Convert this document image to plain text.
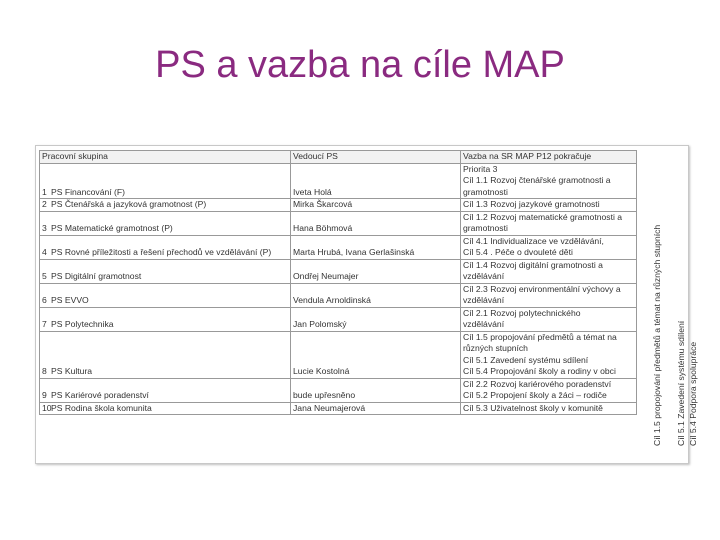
PS a vazba na cíle MAP
Pracovní skupina	Vedoucí PS	Vazba na SR MAP P12 pokračuje
1 PS Financování (F)	Iveta Holá	Priorita 3
Cíl 1.1 Rozvoj čtenářské gramotnosti a
gramotnosti

2 PS Čtenářská a jazyková gramotnost (P)	Mirka Škarcová	Cíl 1.3 Rozvoj jazykové gramotnosti

3 PS Matematické gramotnost (P)	Hana Böhmová	Cíl 1.2 Rozvoj matematické gramotnosti a
gramotnosti

4 PS Rovné příležitosti a řešení přechodů ve vzdělávání (P)	Marta Hrubá, Ivana Gerlašinská	Cíl 4.1 Individualizace ve vzdělávání,
Cíl 5.4 . Péče o dvouleté děti

5 PS Digitální gramotnost	Ondřej Neumajer	Cíl 1.4 Rozvoj digitální gramotnosti a
vzdělávání

6 PS EVVO	Vendula Arnoldinská	Cíl 2.3 Rozvoj environmentální výchovy a
vzdělávání

7 PS Polytechnika	Jan Polomský	Cíl 2.1 Rozvoj polytechnického
vzdělávání

8 PS Kultura	Lucie Kostolná	Cíl 1.5 propojování předmětů a témat na
různých stupních
Cíl 5.1 Zavedení systému sdílení
Cíl 5.4 Propojování školy a rodiny v obci

9 PS Kariérové poradenství	bude upřesněno	Cíl 2.2 Rozvoj kariérového poradenství
Cíl 5.2 Propojení školy a žáci – rodiče

10PS Rodina škola komunita	Jana Neumajerová	Cíl 5.3 Uživatelnost školy v komunitě	Cíl 1.5 propojování předmětů a témat na různých stupních Cíl 5.1 Zavedení systému sdílení Cíl 5.4 Podpora spolupráce
